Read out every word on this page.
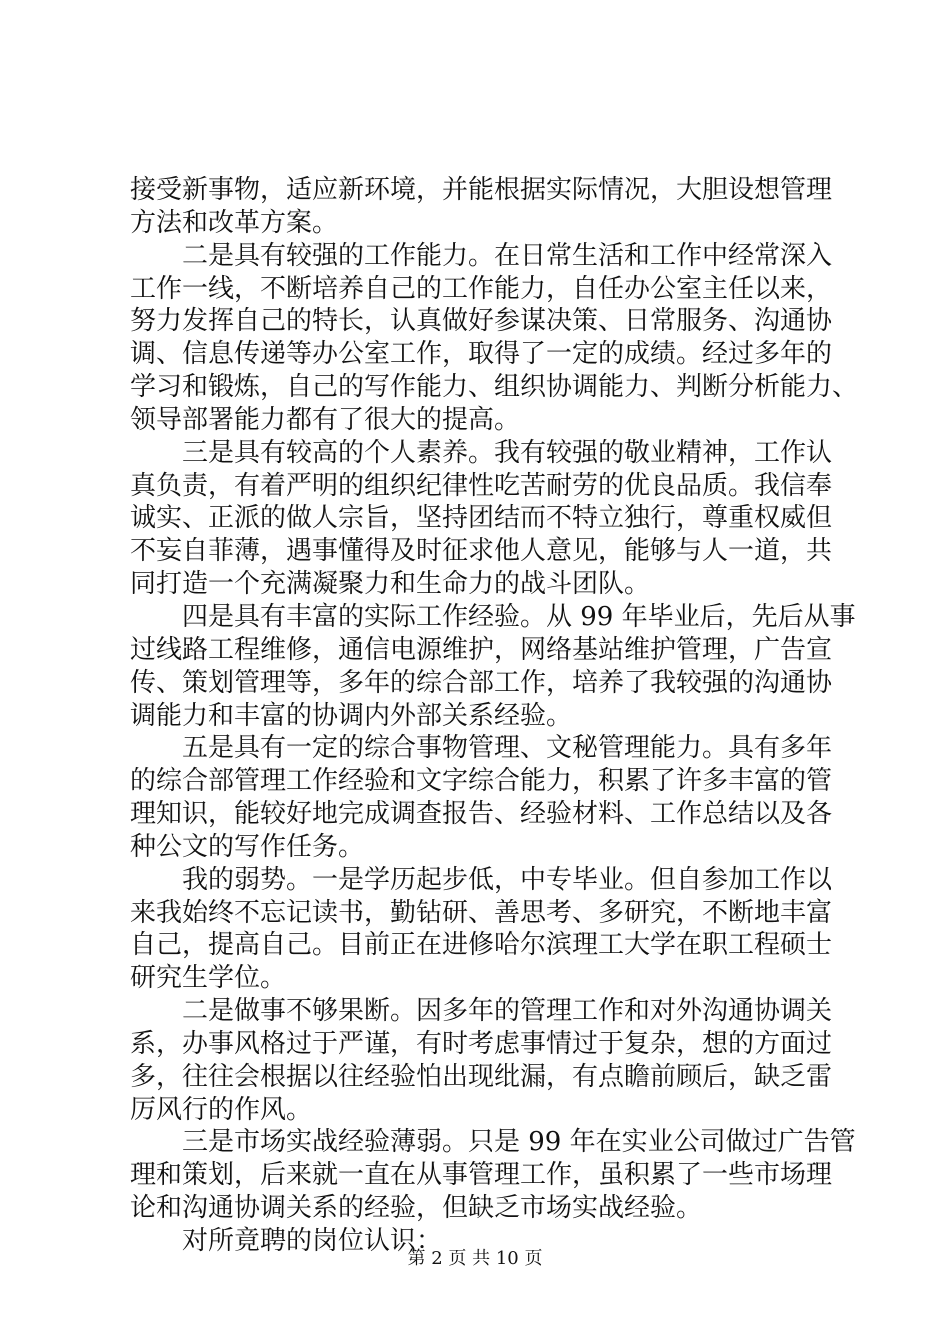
接受新事物，适应新环境，并能根据实际情况，大胆设想管理
方法和改革方案。
二是具有较强的工作能力。在日常生活和工作中经常深入
工作一线，不断培养自己的工作能力，自任办公室主任以来，
努力发挥自己的特长，认真做好参谋决策、日常服务、沟通协
调、信息传递等办公室工作，取得了一定的成绩。经过多年的
学习和锻炼，自己的写作能力、组织协调能力、判断分析能力、
领导部署能力都有了很大的提高。
三是具有较高的个人素养。我有较强的敬业精神，工作认
真负责，有着严明的组织纪律性吃苦耐劳的优良品质。我信奉
诚实、正派的做人宗旨，坚持团结而不特立独行，尊重权威但
不妄自菲薄，遇事懂得及时征求他人意见，能够与人一道，共
同打造一个充满凝聚力和生命力的战斗团队。
四是具有丰富的实际工作经验。从 99 年毕业后，先后从事
过线路工程维修，通信电源维护，网络基站维护管理，广告宣
传、策划管理等，多年的综合部工作，培养了我较强的沟通协
调能力和丰富的协调内外部关系经验。
五是具有一定的综合事物管理、文秘管理能力。具有多年
的综合部管理工作经验和文字综合能力，积累了许多丰富的管
理知识，能较好地完成调查报告、经验材料、工作总结以及各
种公文的写作任务。
我的弱势。一是学历起步低，中专毕业。但自参加工作以
来我始终不忘记读书，勤钻研、善思考、多研究，不断地丰富
自己，提高自己。目前正在进修哈尔滨理工大学在职工程硕士
研究生学位。
二是做事不够果断。因多年的管理工作和对外沟通协调关
系，办事风格过于严谨，有时考虑事情过于复杂，想的方面过
多，往往会根据以往经验怕出现纰漏，有点瞻前顾后，缺乏雷
厉风行的作风。
三是市场实战经验薄弱。只是 99 年在实业公司做过广告管
理和策划，后来就一直在从事管理工作，虽积累了一些市场理
论和沟通协调关系的经验，但缺乏市场实战经验。
对所竟聘的岗位认识：
第 2 页 共 10 页
